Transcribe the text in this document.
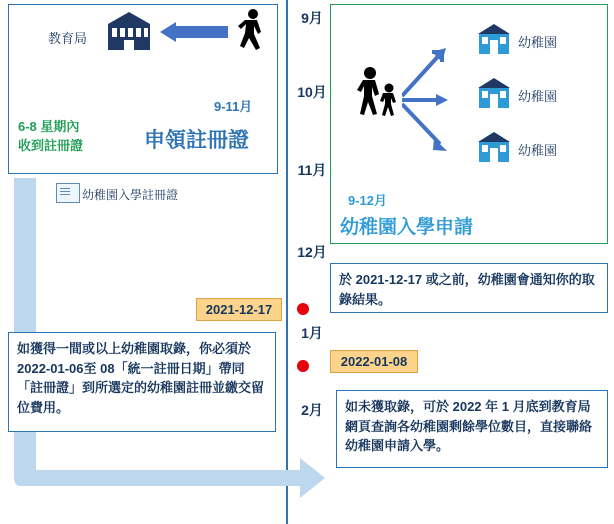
9月
10月
11月
12月
1月
2月
教育局
6-8 星期內
收到註冊證
9-11月
申領註冊證
幼稚園入學註冊證
幼稚園
幼稚園
幼稚園
9-12月
幼稚園入學申請
於 2021-12-17 或之前，幼稚園會通知你的取錄結果。
如獲得一間或以上幼稚園取錄，你必須於 2022-01-06至 08「統一註冊日期」帶同「註冊證」到所選定的幼稚園註冊並繳交留位費用。	如未獲取錄，可於 2022 年 1 月底到教育局網頁查詢各幼稚園剩餘學位數目，直接聯絡幼稚園申請入學。
2021-12-17
2022-01-08
